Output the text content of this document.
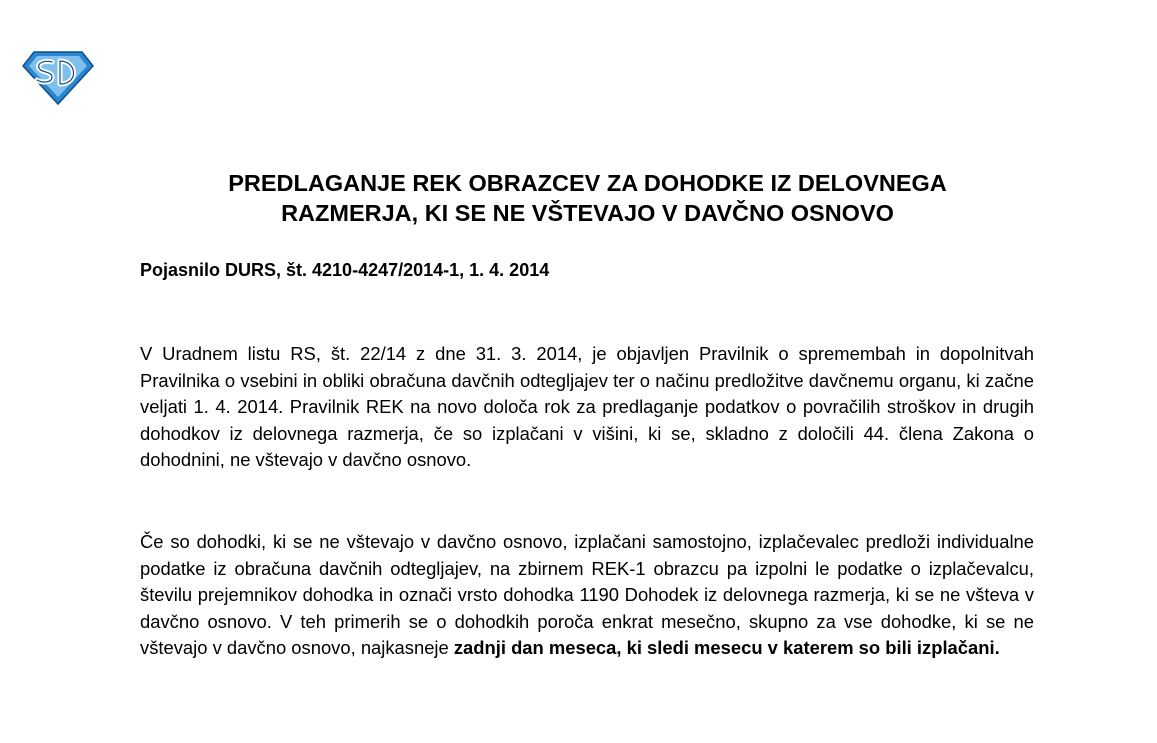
PREDLAGANJE REK OBRAZCEV ZA DOHODKE IZ DELOVNEGA
RAZMERJA, KI SE NE VŠTEVAJO V DAVČNO OSNOVO

Pojasnilo DURS, št. 4210-4247/2014-1, 1. 4. 2014

V Uradnem listu RS, št. 22/14 z dne 31. 3. 2014, je objavljen Pravilnik o spremembah in dopolnitvah Pravilnika o vsebini in obliki obračuna davčnih odtegljajev ter o načinu predložitve davčnemu organu, ki začne veljati 1. 4. 2014. Pravilnik REK na novo določa rok za predlaganje podatkov o povračilih stroškov in drugih dohodkov iz delovnega razmerja, če so izplačani v višini, ki se, skladno z določili 44. člena Zakona o dohodnini, ne vštevajo v davčno osnovo.

Če so dohodki, ki se ne vštevajo v davčno osnovo, izplačani samostojno, izplačevalec predloži individualne podatke iz obračuna davčnih odtegljajev, na zbirnem REK-1 obrazcu pa izpolni le podatke o izplačevalcu, številu prejemnikov dohodka in označi vrsto dohodka 1190 Dohodek iz delovnega razmerja, ki se ne všteva v davčno osnovo. V teh primerih se o dohodkih poroča enkrat mesečno, skupno za vse dohodke, ki se ne vštevajo v davčno osnovo, najkasneje zadnji dan meseca, ki sledi mesecu v katerem so bili izplačani.
